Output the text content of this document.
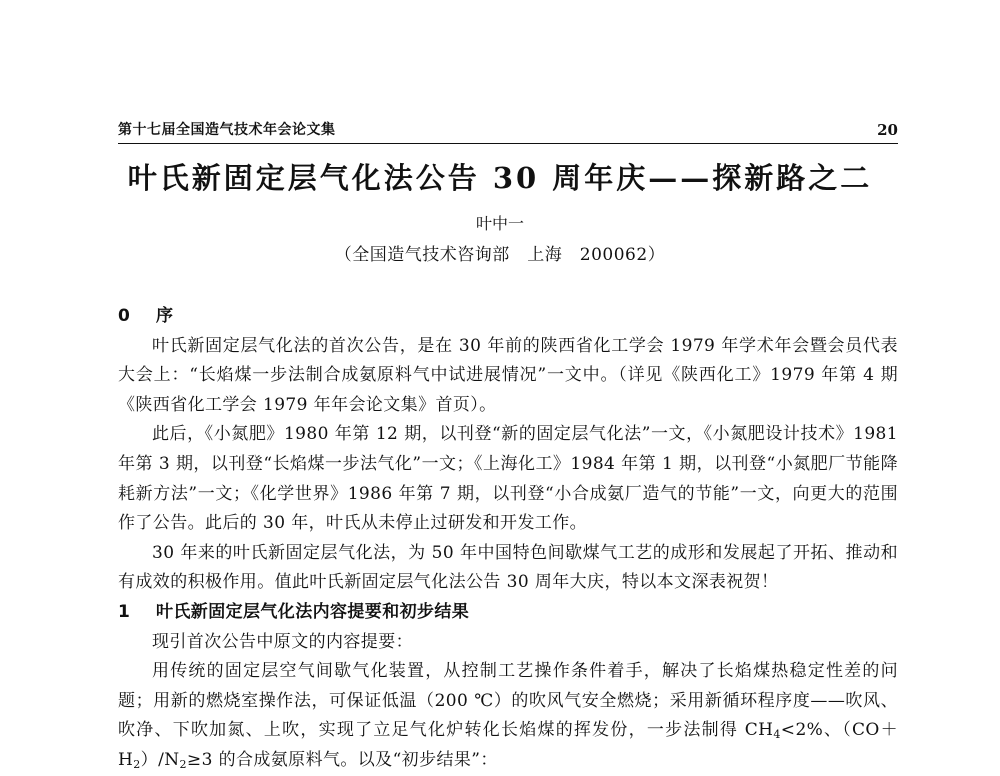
第十七届全国造气技术年会论文集	20
叶氏新固定层气化法公告 30 周年庆——探新路之二
叶中一
（全国造气技术咨询部　上海　200062）

0 序

叶氏新固定层气化法的首次公告，是在 30 年前的陕西省化工学会 1979 年学术年会暨会员代表大会上：“长焰煤一步法制合成氨原料气中试进展情况”一文中。（详见《陕西化工》1979 年第 4 期《陕西省化工学会 1979 年年会论文集》首页）。

此后，《小氮肥》1980 年第 12 期，以刊登“新的固定层气化法”一文，《小氮肥设计技术》1981 年第 3 期，以刊登“长焰煤一步法气化”一文；《上海化工》1984 年第 1 期，以刊登“小氮肥厂节能降耗新方法”一文；《化学世界》1986 年第 7 期，以刊登“小合成氨厂造气的节能”一文，向更大的范围作了公告。此后的 30 年，叶氏从未停止过研发和开发工作。

30 年来的叶氏新固定层气化法，为 50 年中国特色间歇煤气工艺的成形和发展起了开拓、推动和有成效的积极作用。值此叶氏新固定层气化法公告 30 周年大庆，特以本文深表祝贺！

1 叶氏新固定层气化法内容提要和初步结果

现引首次公告中原文的内容提要：

用传统的固定层空气间歇气化装置，从控制工艺操作条件着手，解决了长焰煤热稳定性差的问题；用新的燃烧室操作法，可保证低温（200 ℃）的吹风气安全燃烧；采用新循环程序度——吹风、吹净、下吹加氮、上吹，实现了立足气化炉转化长焰煤的挥发份，一步法制得 $CH_4<2\%$、$(CO+H_2)/N_2\ge 3$ 的合成氨原料气。以及“初步结果”：
